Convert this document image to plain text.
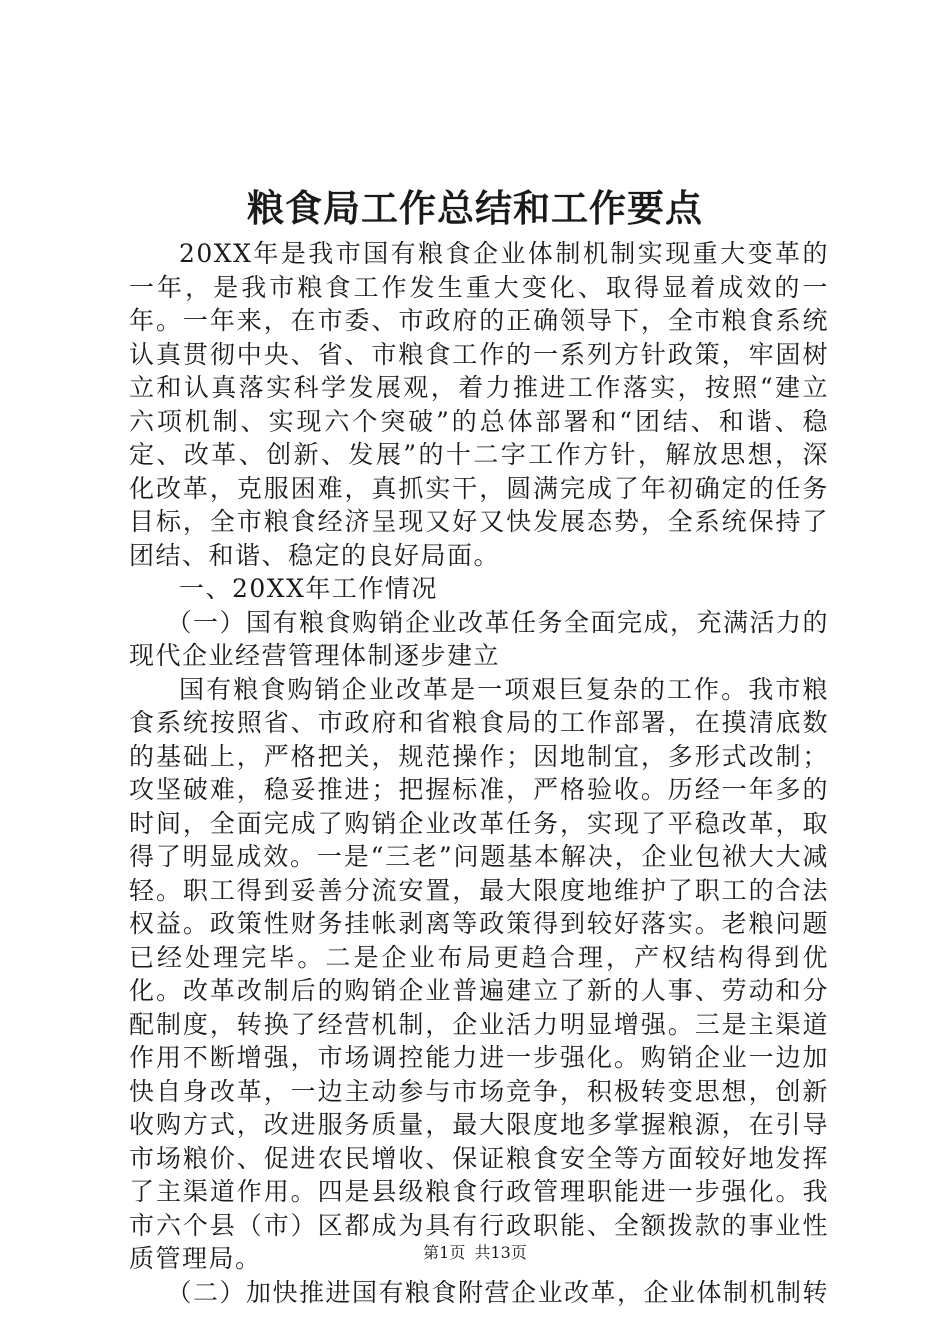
粮食局工作总结和工作要点

20XX年是我市国有粮食企业体制机制实现重大变革的一年，是我市粮食工作发生重大变化、取得显着成效的一年。一年来，在市委、市政府的正确领导下，全市粮食系统认真贯彻中央、省、市粮食工作的一系列方针政策，牢固树立和认真落实科学发展观，着力推进工作落实，按照“建立六项机制、实现六个突破”的总体部署和“团结、和谐、稳定、改革、创新、发展”的十二字工作方针，解放思想，深化改革，克服困难，真抓实干，圆满完成了年初确定的任务目标，全市粮食经济呈现又好又快发展态势，全系统保持了团结、和谐、稳定的良好局面。

一、20XX年工作情况

（一）国有粮食购销企业改革任务全面完成，充满活力的现代企业经营管理体制逐步建立

国有粮食购销企业改革是一项艰巨复杂的工作。我市粮食系统按照省、市政府和省粮食局的工作部署，在摸清底数的基础上，严格把关，规范操作；因地制宜，多形式改制；攻坚破难，稳妥推进；把握标准，严格验收。历经一年多的时间，全面完成了购销企业改革任务，实现了平稳改革，取得了明显成效。一是“三老”问题基本解决，企业包袱大大减轻。职工得到妥善分流安置，最大限度地维护了职工的合法权益。政策性财务挂帐剥离等政策得到较好落实。老粮问题已经处理完毕。二是企业布局更趋合理，产权结构得到优化。改革改制后的购销企业普遍建立了新的人事、劳动和分配制度，转换了经营机制，企业活力明显增强。三是主渠道作用不断增强，市场调控能力进一步强化。购销企业一边加快自身改革，一边主动参与市场竞争，积极转变思想，创新收购方式，改进服务质量，最大限度地多掌握粮源，在引导市场粮价、促进农民增收、保证粮食安全等方面较好地发挥了主渠道作用。四是县级粮食行政管理职能进一步强化。我市六个县（市）区都成为具有行政职能、全额拨款的事业性质管理局。

（二）加快推进国有粮食附营企业改革，企业体制机制转

第1页 共13页
